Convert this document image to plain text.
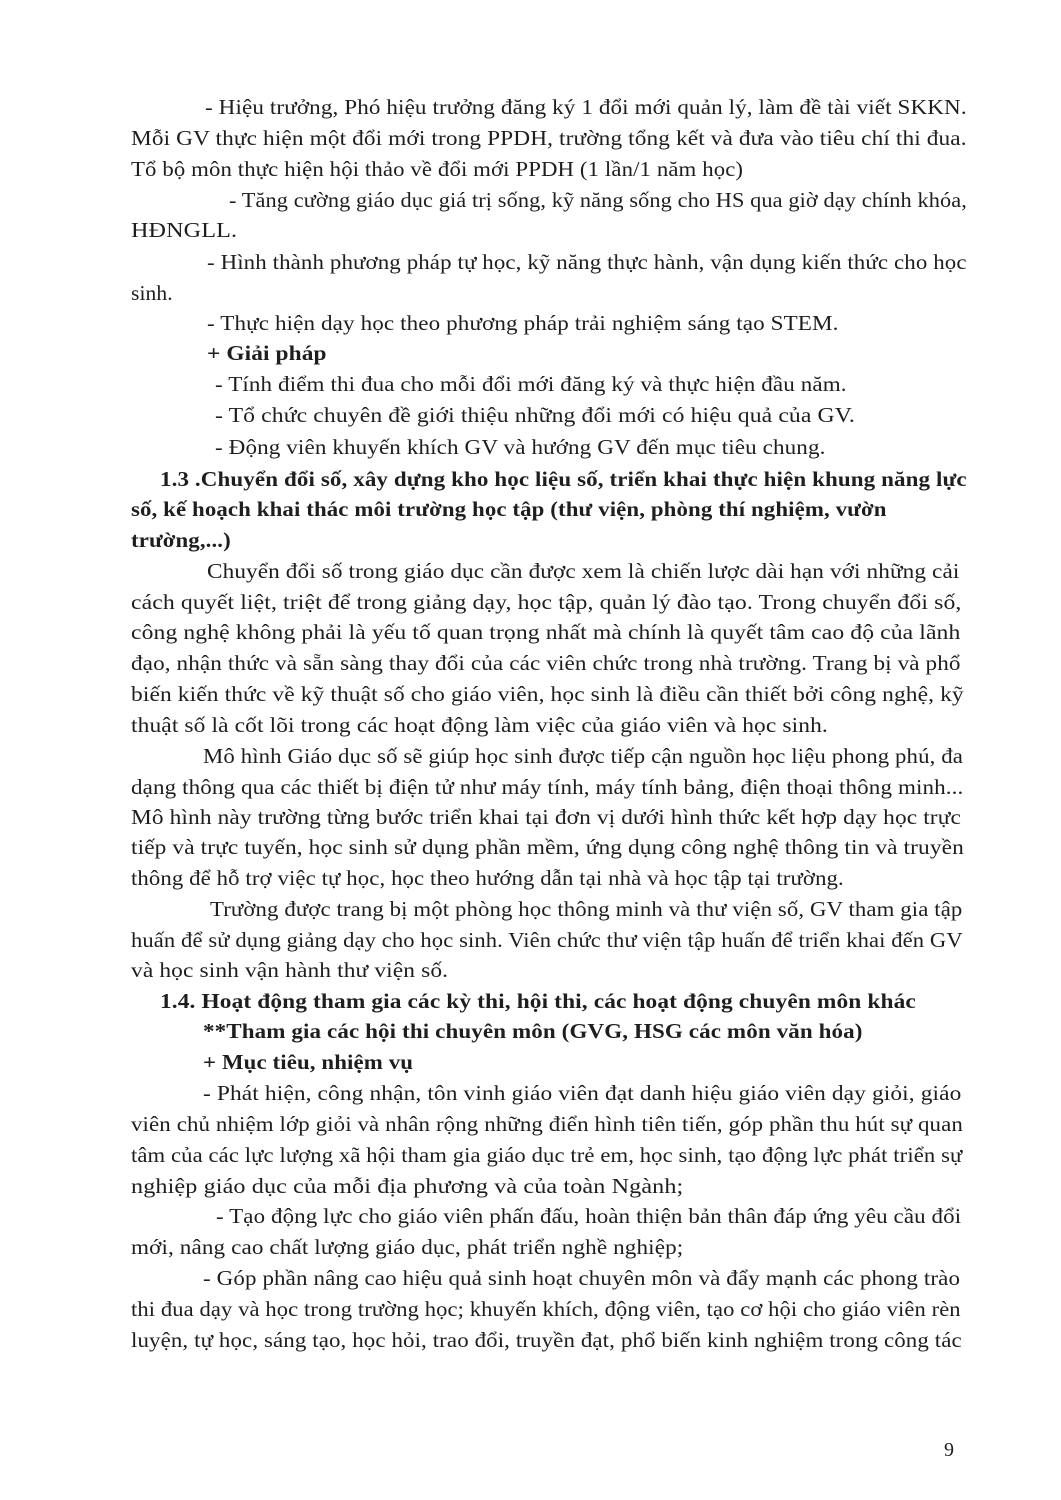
- Hiệu trưởng, Phó hiệu trưởng đăng ký 1 đổi mới quản lý, làm đề tài viết SKKN.
Mỗi GV thực hiện một đổi mới trong PPDH, trường tổng kết và đưa vào tiêu chí thi đua.
Tổ bộ môn thực hiện hội thảo về đổi mới PPDH (1 lần/1 năm học)
- Tăng cường giáo dục giá trị sống, kỹ năng sống cho HS qua giờ dạy chính khóa,
HĐNGLL.
- Hình thành phương pháp tự học, kỹ năng thực hành, vận dụng kiến thức cho học
sinh.
- Thực hiện dạy học theo phương pháp trải nghiệm sáng tạo STEM.
+ Giải pháp
- Tính điểm thi đua cho mỗi đổi mới đăng ký và thực hiện đầu năm.
- Tổ chức chuyên đề giới thiệu những đổi mới có hiệu quả của GV.
- Động viên khuyến khích GV và hướng GV đến mục tiêu chung.
1.3 .Chuyển đổi số, xây dựng kho học liệu số, triển khai thực hiện khung năng lực
số, kế hoạch khai thác môi trường học tập (thư viện, phòng thí nghiệm, vườn
trường,...)
Chuyển đổi số trong giáo dục cần được xem là chiến lược dài hạn với những cải
cách quyết liệt, triệt để trong giảng dạy, học tập, quản lý đào tạo. Trong chuyển đổi số,
công nghệ không phải là yếu tố quan trọng nhất mà chính là quyết tâm cao độ của lãnh
đạo, nhận thức và sẵn sàng thay đổi của các viên chức trong nhà trường. Trang bị và phổ
biến kiến thức về kỹ thuật số cho giáo viên, học sinh là điều cần thiết bởi công nghệ, kỹ
thuật số là cốt lõi trong các hoạt động làm việc của giáo viên và học sinh.
Mô hình Giáo dục số sẽ giúp học sinh được tiếp cận nguồn học liệu phong phú, đa
dạng thông qua các thiết bị điện tử như máy tính, máy tính bảng, điện thoại thông minh...
Mô hình này trường từng bước triển khai tại đơn vị dưới hình thức kết hợp dạy học trực
tiếp và trực tuyến, học sinh sử dụng phần mềm, ứng dụng công nghệ thông tin và truyền
thông để hỗ trợ việc tự học, học theo hướng dẫn tại nhà và học tập tại trường.
Trường được trang bị một phòng học thông minh và thư viện số, GV tham gia tập
huấn để sử dụng giảng dạy cho học sinh. Viên chức thư viện tập huấn để triển khai đến GV
và học sinh vận hành thư viện số.
1.4. Hoạt động tham gia các kỳ thi, hội thi, các hoạt động chuyên môn khác
**Tham gia các hội thi chuyên môn (GVG, HSG các môn văn hóa)
+ Mục tiêu, nhiệm vụ
- Phát hiện, công nhận, tôn vinh giáo viên đạt danh hiệu giáo viên dạy giỏi, giáo
viên chủ nhiệm lớp giỏi và nhân rộng những điển hình tiên tiến, góp phần thu hút sự quan
tâm của các lực lượng xã hội tham gia giáo dục trẻ em, học sinh, tạo động lực phát triển sự
nghiệp giáo dục của mỗi địa phương và của toàn Ngành;
- Tạo động lực cho giáo viên phấn đấu, hoàn thiện bản thân đáp ứng yêu cầu đổi
mới, nâng cao chất lượng giáo dục, phát triển nghề nghiệp;
- Góp phần nâng cao hiệu quả sinh hoạt chuyên môn và đẩy mạnh các phong trào
thi đua dạy và học trong trường học; khuyến khích, động viên, tạo cơ hội cho giáo viên rèn
luyện, tự học, sáng tạo, học hỏi, trao đổi, truyền đạt, phổ biến kinh nghiệm trong công tác
9
